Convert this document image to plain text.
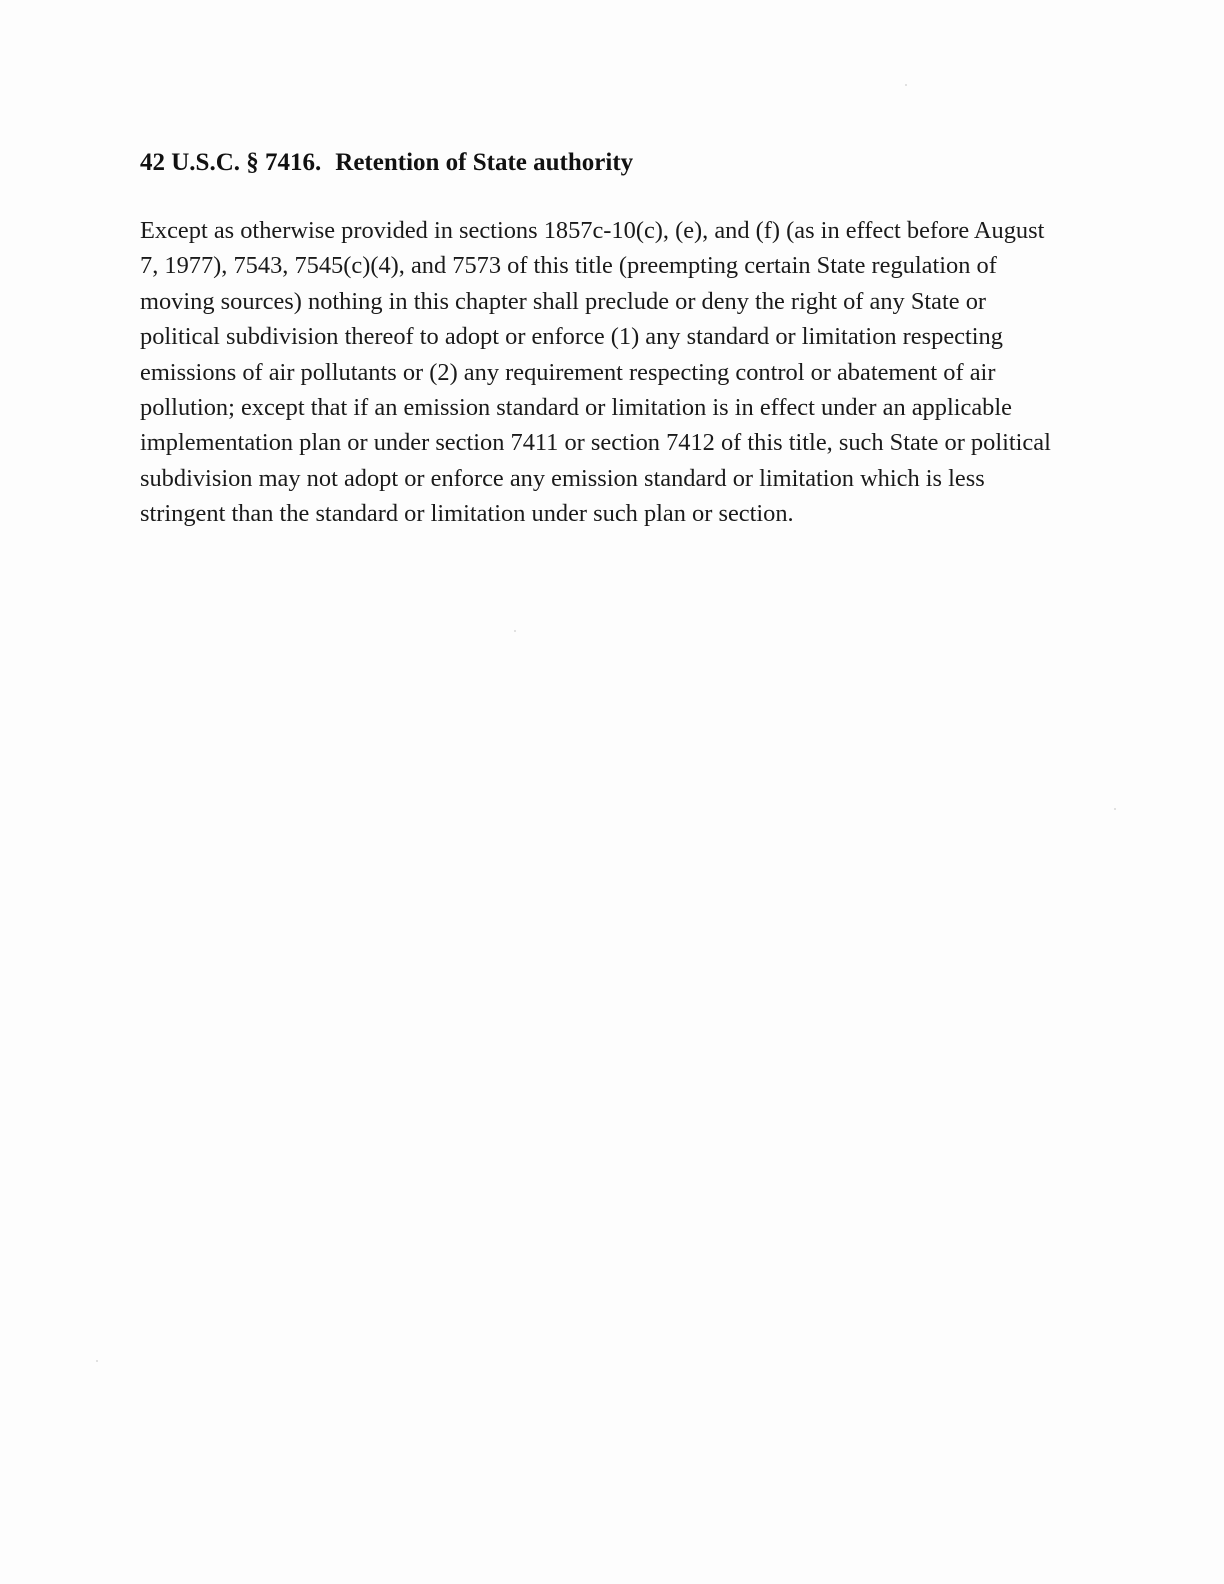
42 U.S.C. § 7416. Retention of State authority

Except as otherwise provided in sections 1857c-10(c), (e), and (f) (as in effect before August 7, 1977), 7543, 7545(c)(4), and 7573 of this title (preempting certain State regulation of moving sources) nothing in this chapter shall preclude or deny the right of any State or political subdivision thereof to adopt or enforce (1) any standard or limitation respecting emissions of air pollutants or (2) any requirement respecting control or abatement of air pollution; except that if an emission standard or limitation is in effect under an applicable implementation plan or under section 7411 or section 7412 of this title, such State or political subdivision may not adopt or enforce any emission standard or limitation which is less stringent than the standard or limitation under such plan or section.
